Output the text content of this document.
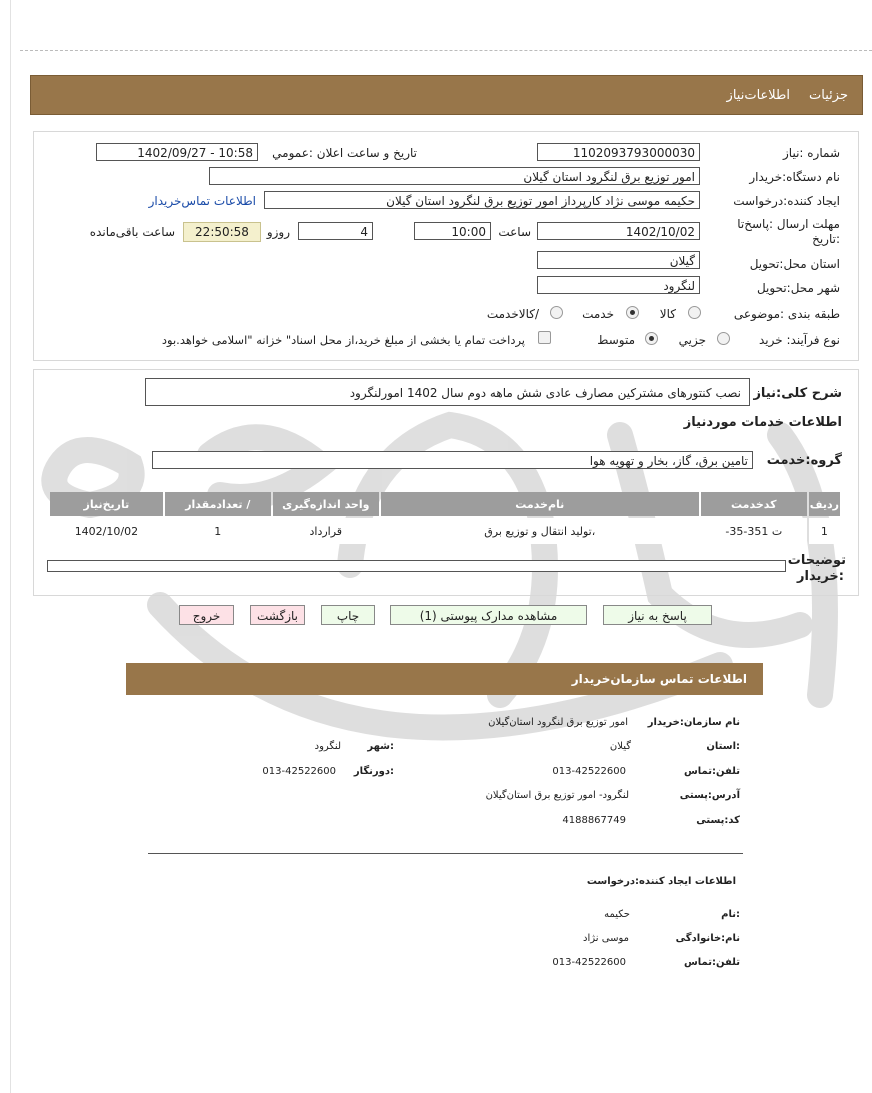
جزئیات
اطلاعات‌نیاز
شماره :نیاز
1102093793000030
تاریخ و ساعت اعلان :عمومي
1402/09/27 - 10:58
نام دستگاه:خریدار
امور توزیع برق لنگرود استان گیلان
ایجاد کننده:درخواست
حکیمه موسی نژاد کارپرداز امور توزیع برق لنگرود استان گیلان
اطلاعات تماس‌خریدار
مهلت ارسال :پاسخ‌تا
:تاریخ
1402/10/02
ساعت
10:00
4
روزو
22:50:58
ساعت باقی‌مانده
استان محل:تحویل
گیلان
شهر محل:تحویل
لنگرود
طبقه بندی :موضوعی
کالا
خدمت
/کالاخدمت
نوع فرآیند: خرید
جزیي
متوسط
پرداخت تمام یا بخشی از مبلغ خرید،از محل اسناد" خزانه "اسلامی خواهد.بود
شرح کلی:نیاز
نصب کنتورهای مشترکین مصارف عادی شش ماهه دوم سال 1402 امورلنگرود
اطلاعات خدمات موردنیاز
گروه:خدمت
تامین برق، گاز، بخار و تهویه هوا
ردیف	کدخدمت	نام‌خدمت	واحد اندازه‌گیری	/ تعدادمقدار	تاریخ‌نیاز
1	ت 351-35-	،تولید انتقال و توزیع برق	قرارداد	1	1402/10/02
توضیحات
:خریدار
پاسخ به نیاز
مشاهده مدارک پیوستی (1)
چاپ
بازگشت
خروج
اطلاعات تماس سازمان‌خریدار
نام سازمان:خریدار
امور توزیع برق لنگرود استان‌گیلان
:استان
گیلان
:شهر
لنگرود
تلفن:تماس
013-42522600
:دورنگار
013-42522600
آدرس:پستی
لنگرود- امور توزیع برق استان‌گیلان
کد:پستی
4188867749
اطلاعات ایجاد کننده:درخواست
:نام
حکیمه
نام:خانوادگی
موسی نژاد
تلفن:تماس
013-42522600
